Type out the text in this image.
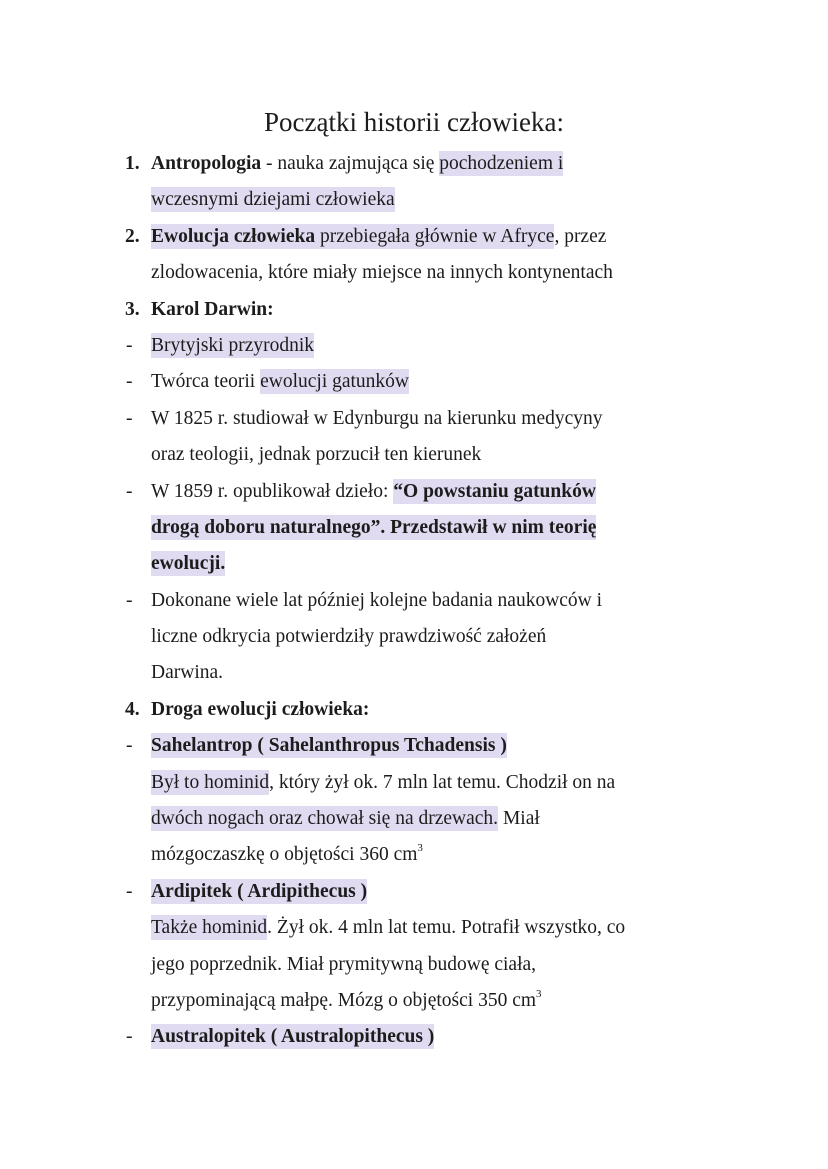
Początki historii człowieka:
1. Antropologia - nauka zajmująca się pochodzeniem i
wczesnymi dziejami człowieka
2. Ewolucja człowieka przebiegała głównie w Afryce, przez
zlodowacenia, które miały miejsce na innych kontynentach
3. Karol Darwin:
- Brytyjski przyrodnik
- Twórca teorii ewolucji gatunków
- W 1825 r. studiował w Edynburgu na kierunku medycyny
oraz teologii, jednak porzucił ten kierunek
- W 1859 r. opublikował dzieło: “O powstaniu gatunków
drogą doboru naturalnego”. Przedstawił w nim teorię
ewolucji.
- Dokonane wiele lat później kolejne badania naukowców i
liczne odkrycia potwierdziły prawdziwość założeń
Darwina.
4. Droga ewolucji człowieka:
- Sahelantrop ( Sahelanthropus Tchadensis )
Był to hominid, który żył ok. 7 mln lat temu. Chodził on na
dwóch nogach oraz chował się na drzewach. Miał
mózgoczaszkę o objętości 360 $cm^3$
- Ardipitek ( Ardipithecus )
Także hominid. Żył ok. 4 mln lat temu. Potrafił wszystko, co
jego poprzednik. Miał prymitywną budowę ciała,
przypominającą małpę. Mózg o objętości 350 $cm^3$
- Australopitek ( Australopithecus )
